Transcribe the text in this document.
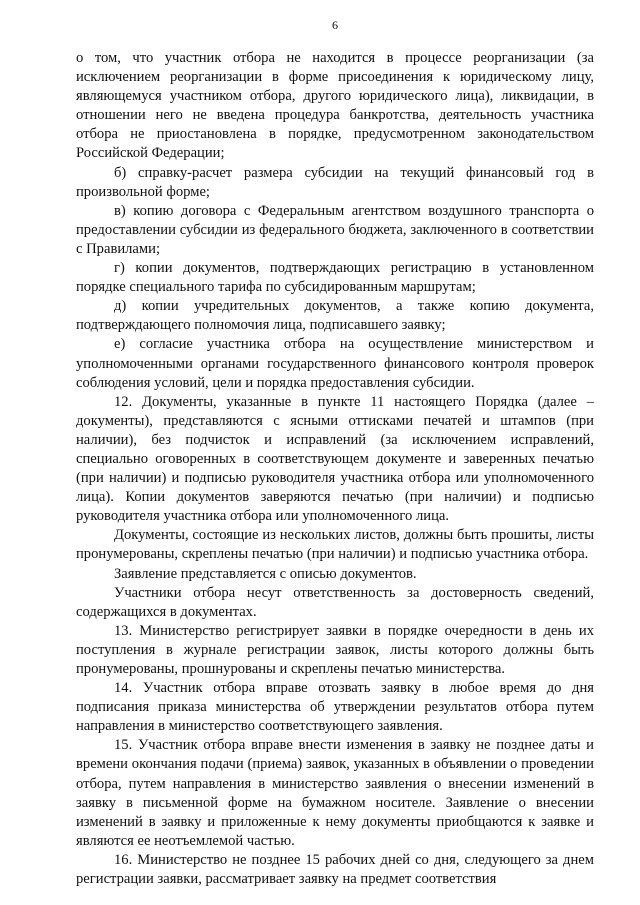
6

о том, что участник отбора не находится в процессе реорганизации (за исключением реорганизации в форме присоединения к юридическому лицу, являющемуся участником отбора, другого юридического лица), ликвидации, в отношении него не введена процедура банкротства, деятельность участника отбора не приостановлена в порядке, предусмотренном законодательством Российской Федерации;

б) справку-расчет размера субсидии на текущий финансовый год в произвольной форме;

в) копию договора с Федеральным агентством воздушного транспорта о предоставлении субсидии из федерального бюджета, заключенного в соответствии с Правилами;

г) копии документов, подтверждающих регистрацию в установленном порядке специального тарифа по субсидированным маршрутам;

д) копии учредительных документов, а также копию документа, подтверждающего полномочия лица, подписавшего заявку;

е) согласие участника отбора на осуществление министерством и уполномоченными органами государственного финансового контроля проверок соблюдения условий, цели и порядка предоставления субсидии.

12. Документы, указанные в пункте 11 настоящего Порядка (далее – документы), представляются с ясными оттисками печатей и штампов (при наличии), без подчисток и исправлений (за исключением исправлений, специально оговоренных в соответствующем документе и заверенных печатью (при наличии) и подписью руководителя участника отбора или уполномоченного лица). Копии документов заверяются печатью (при наличии) и подписью руководителя участника отбора или уполномоченного лица.

Документы, состоящие из нескольких листов, должны быть прошиты, листы пронумерованы, скреплены печатью (при наличии) и подписью участника отбора.

Заявление представляется с описью документов.

Участники отбора несут ответственность за достоверность сведений, содержащихся в документах.

13. Министерство регистрирует заявки в порядке очередности в день их поступления в журнале регистрации заявок, листы которого должны быть пронумерованы, прошнурованы и скреплены печатью министерства.

14. Участник отбора вправе отозвать заявку в любое время до дня подписания приказа министерства об утверждении результатов отбора путем направления в министерство соответствующего заявления.

15. Участник отбора вправе внести изменения в заявку не позднее даты и времени окончания подачи (приема) заявок, указанных в объявлении о проведении отбора, путем направления в министерство заявления о внесении изменений в заявку в письменной форме на бумажном носителе. Заявление о внесении изменений в заявку и приложенные к нему документы приобщаются к заявке и являются ее неотъемлемой частью.

16. Министерство не позднее 15 рабочих дней со дня, следующего за днем регистрации заявки, рассматривает заявку на предмет соответствия
